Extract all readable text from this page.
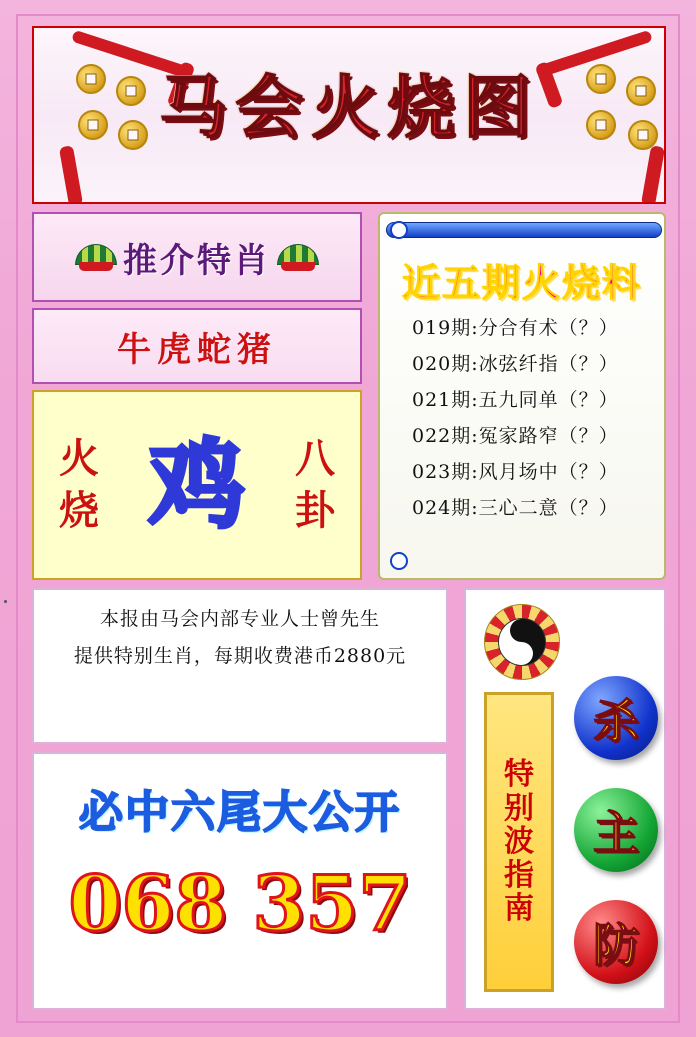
马会火烧图
推介特肖
牛虎蛇猪
火
烧 鸡 八
卦
近五期火烧料
019期:分合有术（？）
020期:冰弦纤指（？）
021期:五九同单（？）
022期:冤家路窄（？）
023期:风月场中（？）
024期:三心二意（？）

本报由马会内部专业人士曾先生

提供特别生肖，每期收费港币2880元

必中六尾大公开
068 357
特
别
波
指
南
杀
主
防
